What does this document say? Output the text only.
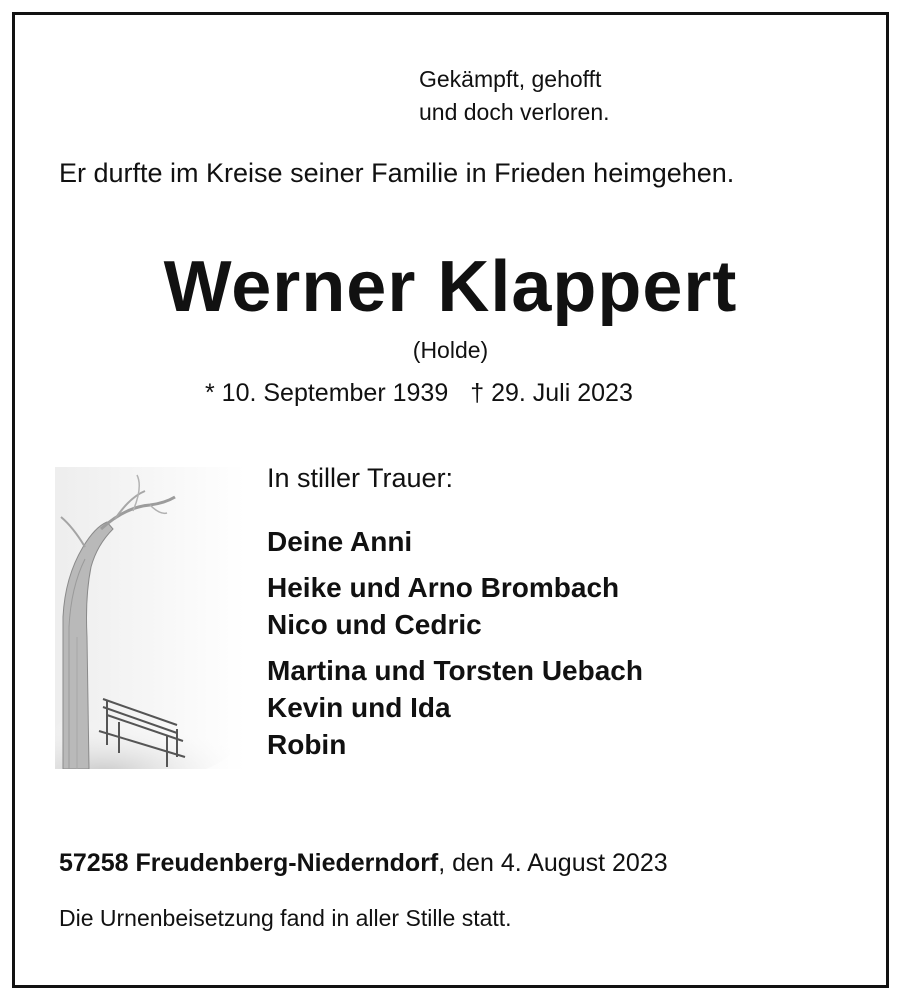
Gekämpft, gehofft
und doch verloren.
Er durfte im Kreise seiner Familie in Frieden heimgehen.
Werner Klappert
(Holde)
* 10. September 1939 † 29. Juli 2023
In stiller Trauer:
Deine Anni
Heike und Arno Brombach
Nico und Cedric
Martina und Torsten Uebach
Kevin und Ida
Robin
57258 Freudenberg-Niederndorf, den 4. August 2023
Die Urnenbeisetzung fand in aller Stille statt.
